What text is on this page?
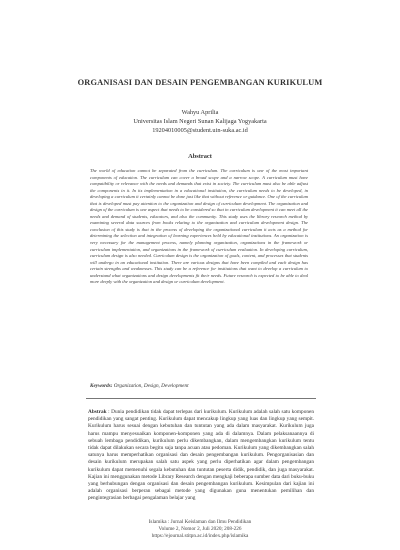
ORGANISASI DAN DESAIN PENGEMBANGAN KURIKULUM
Wahyu Aprilia
Universitas Islam Negeri Sunan Kalijaga Yogyakarta
19204010005@student.uin-suka.ac.id
Abstract
The world of education cannot be separated from the curriculum. The curriculum is one of the most important components of education. The curriculum can cover a broad scope and a narrow scope. A curriculum must have compatibility or relevance with the needs and demands that exist in society. The curriculum must also be able adjust the components in it. In its implementation in a educational institution, the curriculum needs to be developed, in developing a curriculum it certainly cannot be done just like that without reference or guidance. One of the curriculum that is developed must pay attention to the organization and design of curriculum development. The organization and design of the curriculum is one aspect that needs to be considered so that in curriculum development it can meet all the needs and demand of students, educators, and also the community. This study uses the library research method by examining several data sources from books relating to the organization and curriculum development design. The conclusion of this study is that in the process of developing the organizational curriculum it acts as a method for determining the selection and integration of learning experiences held by educational institutions. An organization is very necessary for the management process, namely planning organization, organizations in the framework or curriculum implementation, and organizations in the framework of curriculum evaluation. In developing curriculum, curriculum design is also needed. Curriculum design is the organization of goals, content, and processes that students will undergo in an educational institution. There are various designs that have been compiled and each design has certain strengths and weaknesses. This study can be a reference for institutions that want to develop a curriculum to understand what organizations and design developments fit their needs. Future research is expected to be able to deal more deeply with the organization and design or curriculum development.
Keywords: Organization, Design, Development
Abstrak : Dunia pendidikan tidak dapat terlepas dari kurikulum. Kurikulum adalah salah satu komponen pendidikan yang sangat penting. Kurikulum dapat mencakup lingkup yang luas dan lingkup yang sempit. Kurikulum harus sesuai dengan kebutuhan dan tuntutan yang ada dalam masyarakat. Kurikulum juga harus mampu menyesuaikan komponen-komponen yang ada di dalamnya. Dalam pelaksanaannya di sebuah lembaga pendidikan, kurikulum perlu dikembangkan, dalam mengembangkan kurikulum tentu tidak dapat dilakukan secara begitu saja tanpa acuan atau pedoman. Kurikulum yang dikembangkan salah satunya harus memperhatikan organisasi dan desain pengembangan kurikulum. Pengorganisasian dan desain kurikulum merupakan salah satu aspek yang perlu diperhatikan agar dalam pengembangan kurikulum dapat memenuhi segala kebutuhan dan tuntutan peserta didik, pendidik, dan juga masyarakat. Kajian ini menggunakan metode Library Research dengan mengkaji beberapa sumber data dari buku-buku yang berhubungan dengan organisasi dan desain pengembangan kurikulum. Kesimpulan dari kajian ini adalah organisasi berperan sebagai metode yang digunakan guna menentukan pemilihan dan pengintegrasian berbagai pengalaman belajar yang
Islamika : Jurnal Keislaman dan Ilmu Pendidikan
Volume 2, Nomor 2, Juli 2020; 208-226
https://ejournal.stitpn.ac.id/index.php/islamika
